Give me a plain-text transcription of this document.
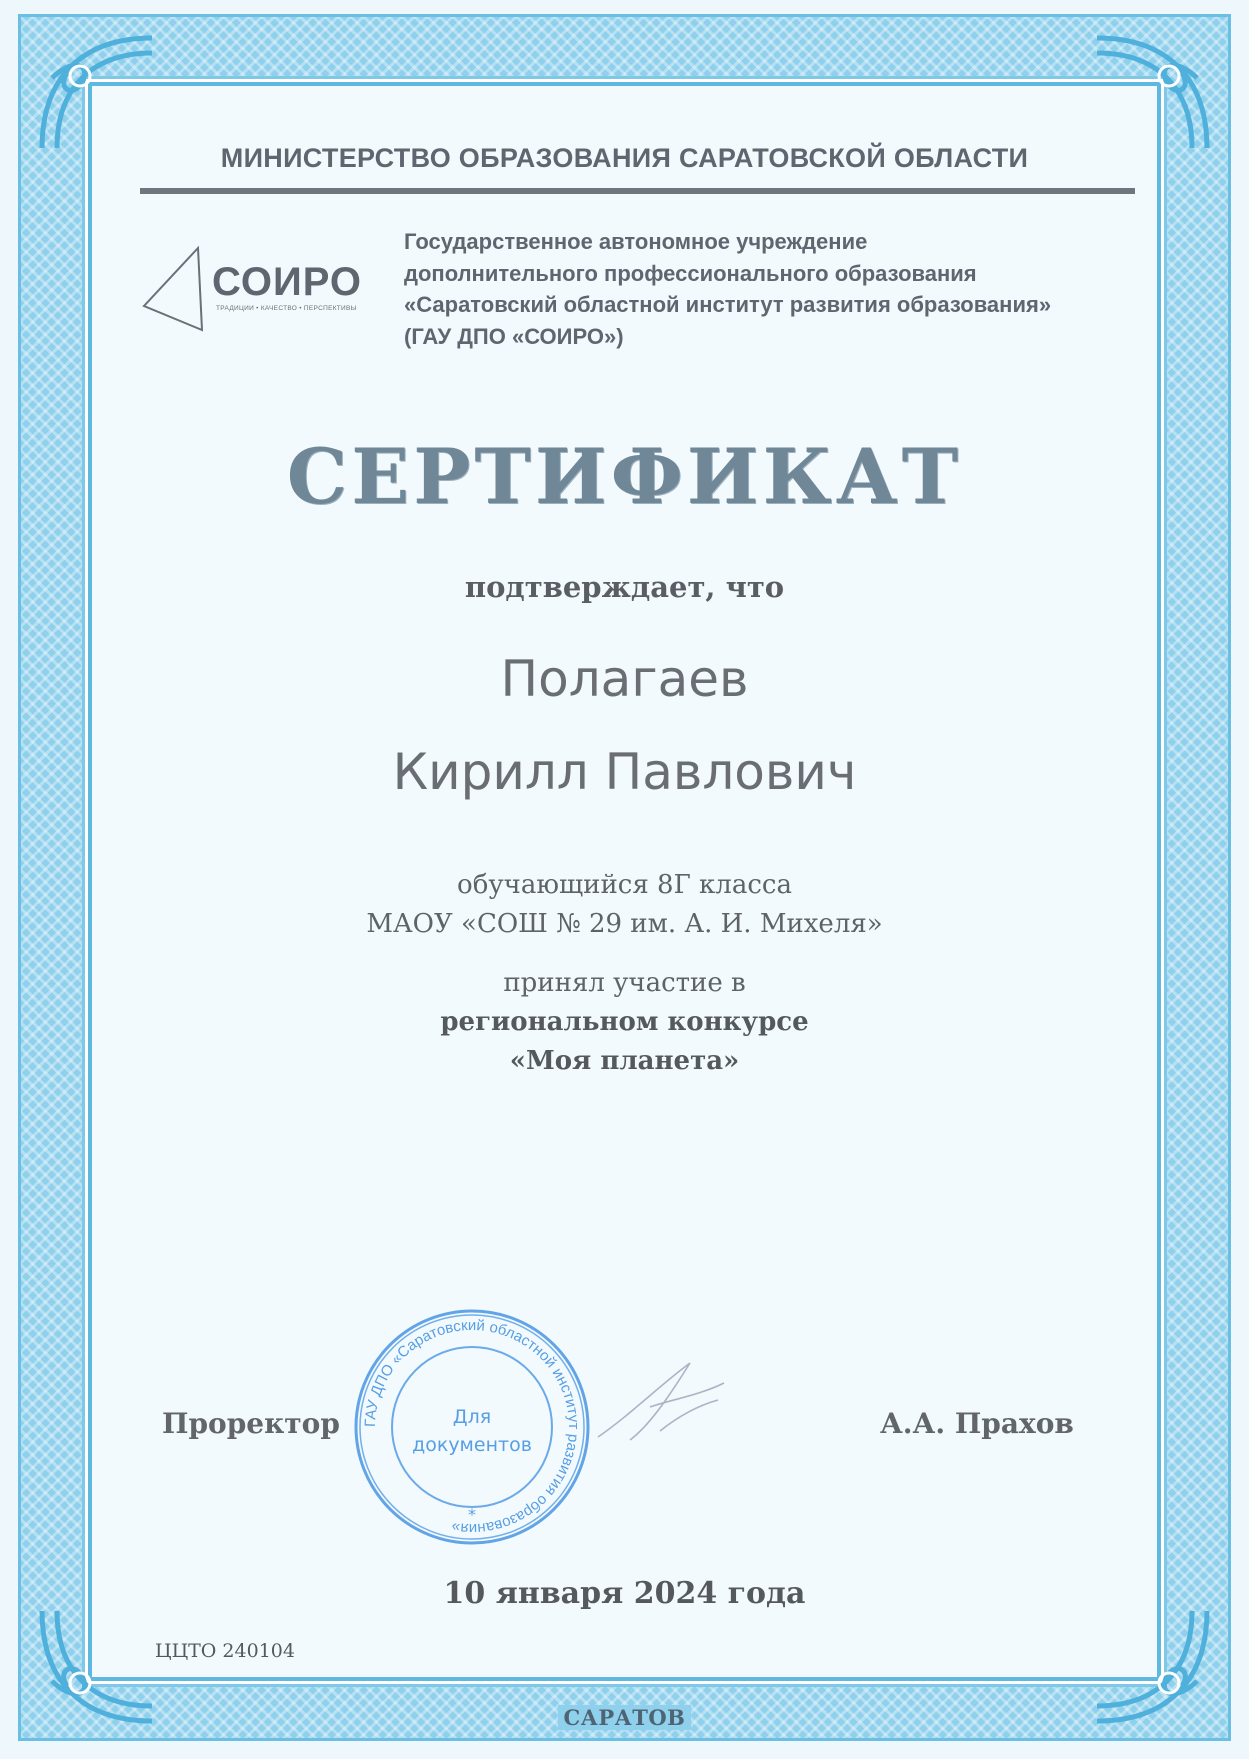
МИНИСТЕРСТВО ОБРАЗОВАНИЯ САРАТОВСКОЙ ОБЛАСТИ
СОИРО
ТРАДИЦИИ • КАЧЕСТВО • ПЕРСПЕКТИВЫ
Государственное автономное учреждение
дополнительного профессионального образования
«Саратовский областной институт развития образования»
(ГАУ ДПО «СОИРО»)
СЕРТИФИКАТ
подтверждает, что
Полагаев
Кирилл Павлович
обучающийся 8Г класса
МАОУ «СОШ № 29 им. А. И. Михеля»
принял участие в
региональном конкурсе
«Моя планета»
Проректор ГАУ ДПО «Саратовский областной институт развития образования»
Для
документов
*
А.А. Прахов
10 января 2024 года
ЦЦТО 240104
САРАТОВ
